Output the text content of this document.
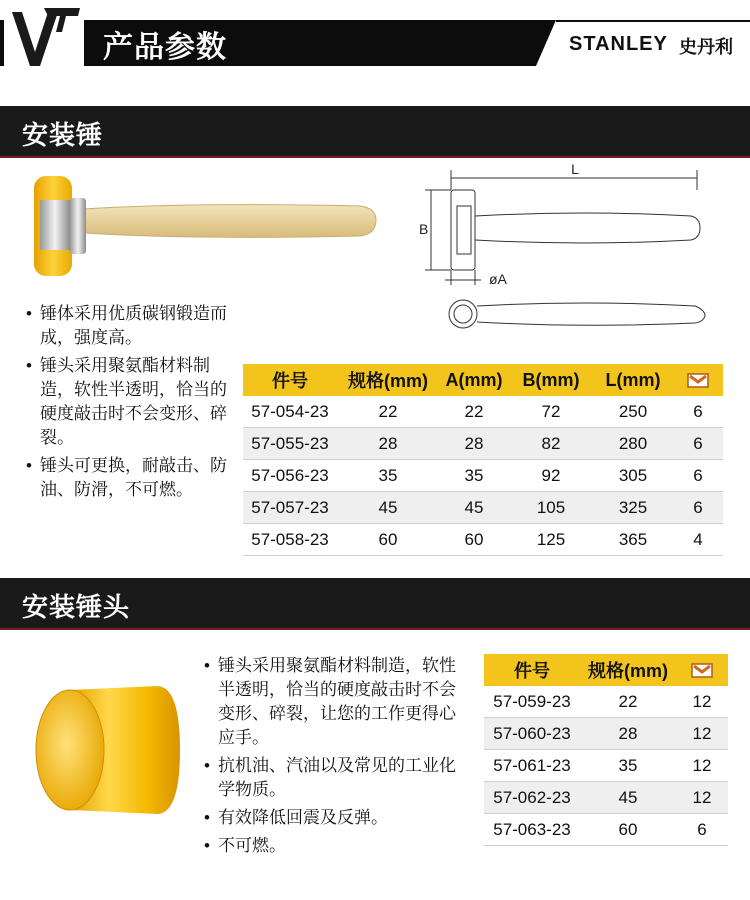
产品参数	STANLEY 史丹利
安装锤
L
B
øA
• 锤体采用优质碳钢锻造而成，强度高。
• 锤头采用聚氨酯材料制造，软性半透明，恰当的硬度敲击时不会变形、碎裂。
• 锤头可更换，耐敲击、防油、防滑，不可燃。
件号	规格(mm)	A(mm)	B(mm)	L(mm)	
57-054-23	22	22	72	250	6
57-055-23	28	28	82	280	6
57-056-23	35	35	92	305	6
57-057-23	45	45	105	325	6
57-058-23	60	60	125	365	4
安装锤头
• 锤头采用聚氨酯材料制造，软性半透明，恰当的硬度敲击时不会变形、碎裂，让您的工作更得心应手。
• 抗机油、汽油以及常见的工业化学物质。
• 有效降低回震及反弹。
• 不可燃。
件号	规格(mm)	
57-059-23	22	12
57-060-23	28	12
57-061-23	35	12
57-062-23	45	12
57-063-23	60	6
